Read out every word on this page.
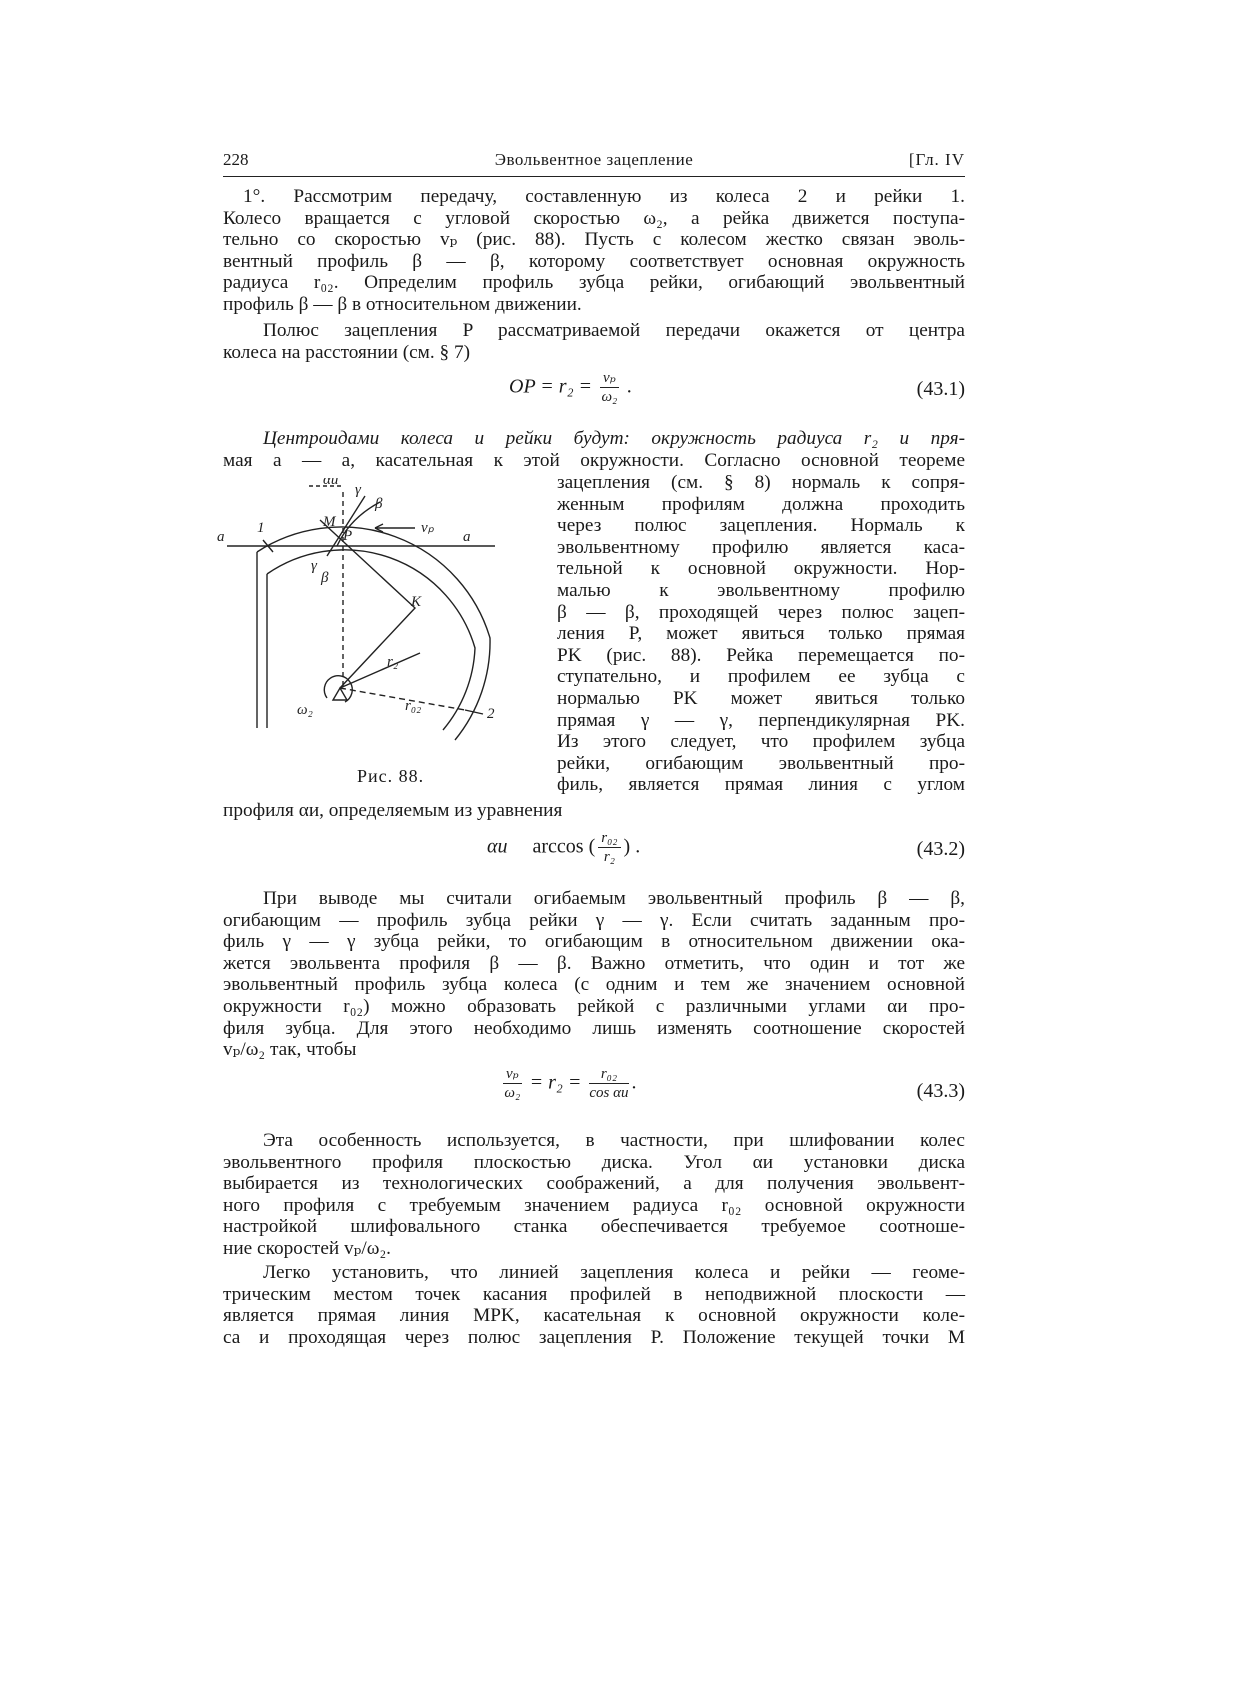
228	Эвольвентное зацепление	[Гл. IV
1°. Рассмотрим передачу, составленную из колеса 2 и рейки 1.
Колесо вращается с угловой скоростью ω₂, а рейка движется поступа-
тельно со скоростью vₚ (рис. 88). Пусть с колесом жестко связан эволь-
вентный профиль β — β, которому соответствует основная окружность
радиуса r₀₂. Определим профиль зубца рейки, огибающий эвольвентный
профиль β — β в относительном движении.
Полюс зацепления P рассматриваемой передачи окажется от центра
колеса на расстоянии (см. § 7)
OP = $r_2 = \frac{\text{vₚ}}{\text{ω₂}}$ .	(43.1)
Центроидами колеса и рейки будут: окружность радиуса r₂ и пря-
мая a — a, касательная к этой окружности. Согласно основной теореме
зацепления (см. § 8) нормаль к сопря-
женным профилям должна проходить
через полюс зацепления. Нормаль к
эвольвентному профилю является каса-
тельной к основной окружности. Нор-
малью к эвольвентному профилю
β — β, проходящей через полюс зацеп-
ления P, может явиться только прямая
PK (рис. 88). Рейка перемещается по-
ступательно, и профилем ее зубца с
нормалью PK может явиться только
прямая γ — γ, перпендикулярная PK.
Из этого следует, что профилем зубца
рейки, огибающим эвольвентный про-
филь, является прямая линия с углом
a	a
1
2
P
K
M
β
β
γ
γ
αи
vₚ
r₂
r₀₂
ω₂
Рис. 88.
профиля αи, определяемым из уравнения
αи arccos ( $\frac{\text{r₀₂}}{\text{r₂}}$ ) .	(43.2)
При выводе мы считали огибаемым эвольвентный профиль β — β,
огибающим — профиль зубца рейки γ — γ. Если считать заданным про-
филь γ — γ зубца рейки, то огибающим в относительном движении ока-
жется эвольвента профиля β — β. Важно отметить, что один и тот же
эвольвентный профиль зубца колеса (с одним и тем же значением основной
окружности r₀₂) можно образовать рейкой с различными углами αи про-
филя зубца. Для этого необходимо лишь изменять соотношение скоростей
vₚ/ω₂ так, чтобы
$\frac{\text{vₚ}}{\text{ω₂}} = r_2 = \frac{\text{r₀₂}}{\text{cos αи}}$ .	(43.3)
Эта особенность используется, в частности, при шлифовании колес
эвольвентного профиля плоскостью диска. Угол αи установки диска
выбирается из технологических соображений, а для получения эвольвент-
ного профиля с требуемым значением радиуса r₀₂ основной окружности
настройкой шлифовального станка обеспечивается требуемое соотноше-
ние скоростей vₚ/ω₂.
Легко установить, что линией зацепления колеса и рейки — геоме-
трическим местом точек касания профилей в неподвижной плоскости —
является прямая линия MPK, касательная к основной окружности коле-
са и проходящая через полюс зацепления P. Положение текущей точки M
